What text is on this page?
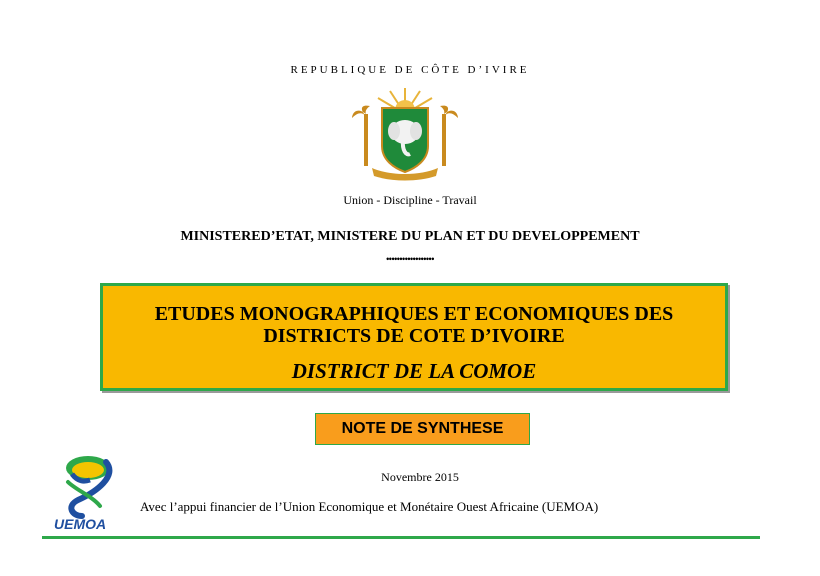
REPUBLIQUE DE CÔTE D’IVIRE
Union - Discipline - Travail
MINISTERED’ETAT, MINISTERE DU PLAN ET DU DEVELOPPEMENT
••••••••••••••••••
ETUDES MONOGRAPHIQUES ET ECONOMIQUES DES
DISTRICTS DE COTE D’IVOIRE
DISTRICT DE LA COMOE
NOTE DE SYNTHESE
Novembre 2015
UEMOA
Avec l’appui financier de l’Union Economique et Monétaire Ouest Africaine (UEMOA)
